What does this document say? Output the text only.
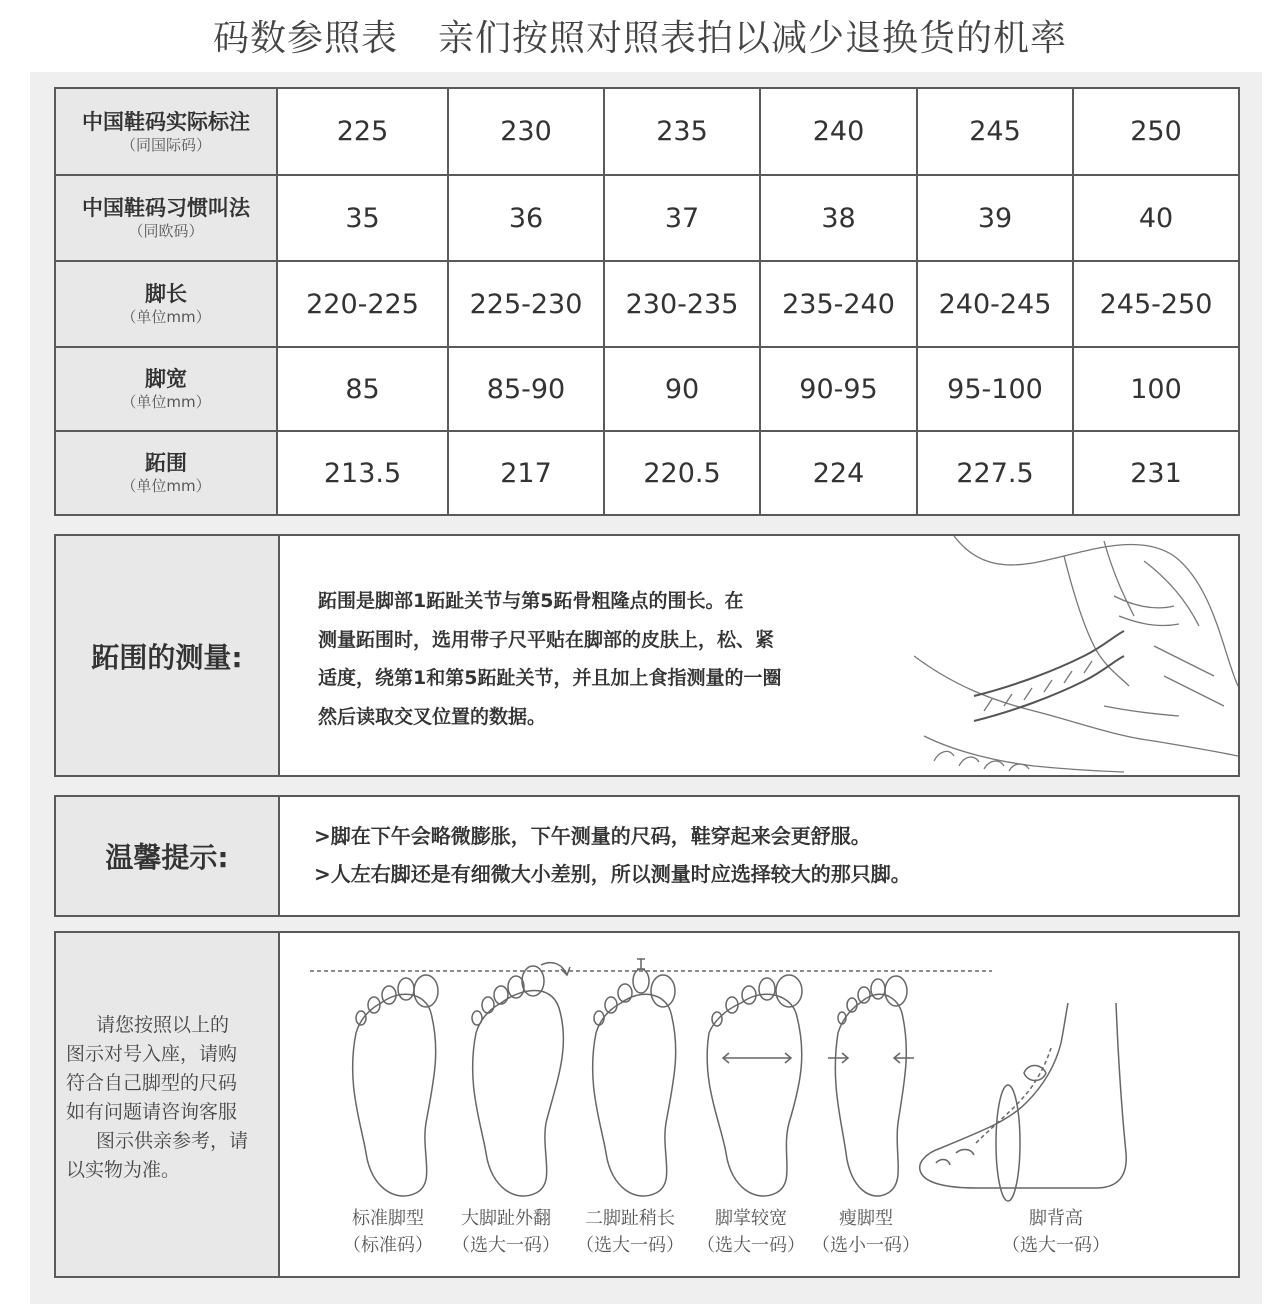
码数参照表 亲们按照对照表拍以减少退换货的机率
中国鞋码实际标注
（同国际码）	225	230	235	240	245	250

中国鞋码习惯叫法
（同欧码）	35	36	37	38	39	40

脚长
（单位mm）	220-225	225-230	230-235	235-240	240-245	245-250

脚宽
（单位mm）	85	85-90	90	90-95	95-100	100

跖围
（单位mm）	213.5	217	220.5	224	227.5	231
跖围的测量:

跖围是脚部1跖趾关节与第5跖骨粗隆点的围长。在

测量跖围时，选用带子尺平贴在脚部的皮肤上，松、紧

适度，绕第1和第5跖趾关节，并且加上食指测量的一圈

然后读取交叉位置的数据。

温馨提示:

>脚在下午会略微膨胀，下午测量的尺码，鞋穿起来会更舒服。

>人左右脚还是有细微大小差别，所以测量时应选择较大的那只脚。

请您按照以上的

图示对号入座，请购

符合自己脚型的尺码

如有问题请咨询客服

图示供亲参考，请

以实物为准。

标准脚型
（标准码）
大脚趾外翻
（选大一码）
二脚趾稍长
（选大一码）
脚掌较宽
（选大一码）
瘦脚型
（选小一码）
脚背高
（选大一码）
